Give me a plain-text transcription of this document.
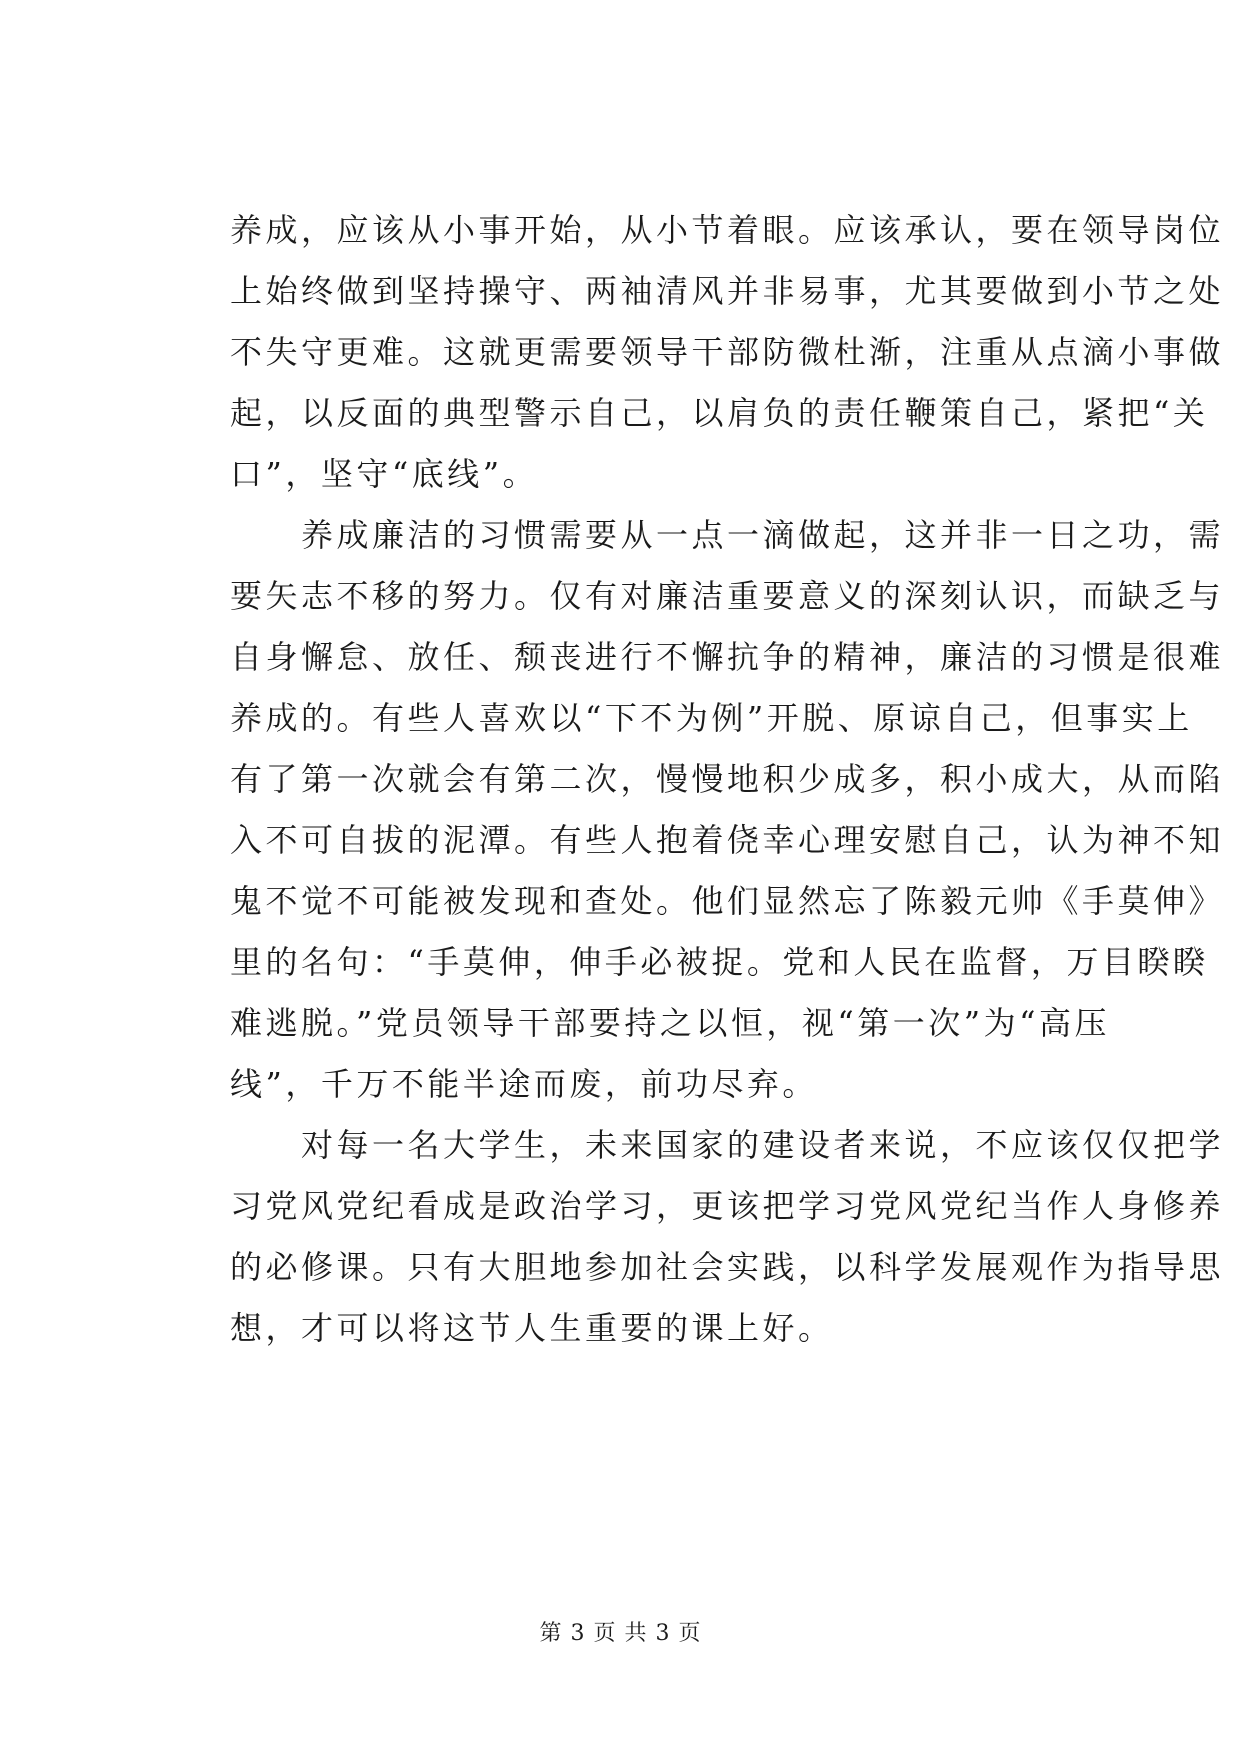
养成，应该从小事开始，从小节着眼。应该承认，要在领导岗位
上始终做到坚持操守、两袖清风并非易事，尤其要做到小节之处
不失守更难。这就更需要领导干部防微杜渐，注重从点滴小事做
起，以反面的典型警示自己，以肩负的责任鞭策自己，紧把“关
口”，坚守“底线”。
　　养成廉洁的习惯需要从一点一滴做起，这并非一日之功，需
要矢志不移的努力。仅有对廉洁重要意义的深刻认识，而缺乏与
自身懈怠、放任、颓丧进行不懈抗争的精神，廉洁的习惯是很难
养成的。有些人喜欢以“下不为例”开脱、原谅自己，但事实上
有了第一次就会有第二次，慢慢地积少成多，积小成大，从而陷
入不可自拔的泥潭。有些人抱着侥幸心理安慰自己，认为神不知
鬼不觉不可能被发现和查处。他们显然忘了陈毅元帅《手莫伸》
里的名句：“手莫伸，伸手必被捉。党和人民在监督，万目睽睽
难逃脱。”党员领导干部要持之以恒，视“第一次”为“高压
线”，千万不能半途而废，前功尽弃。
　　对每一名大学生，未来国家的建设者来说，不应该仅仅把学
习党风党纪看成是政治学习，更该把学习党风党纪当作人身修养
的必修课。只有大胆地参加社会实践，以科学发展观作为指导思
想，才可以将这节人生重要的课上好。
第 3 页 共 3 页
